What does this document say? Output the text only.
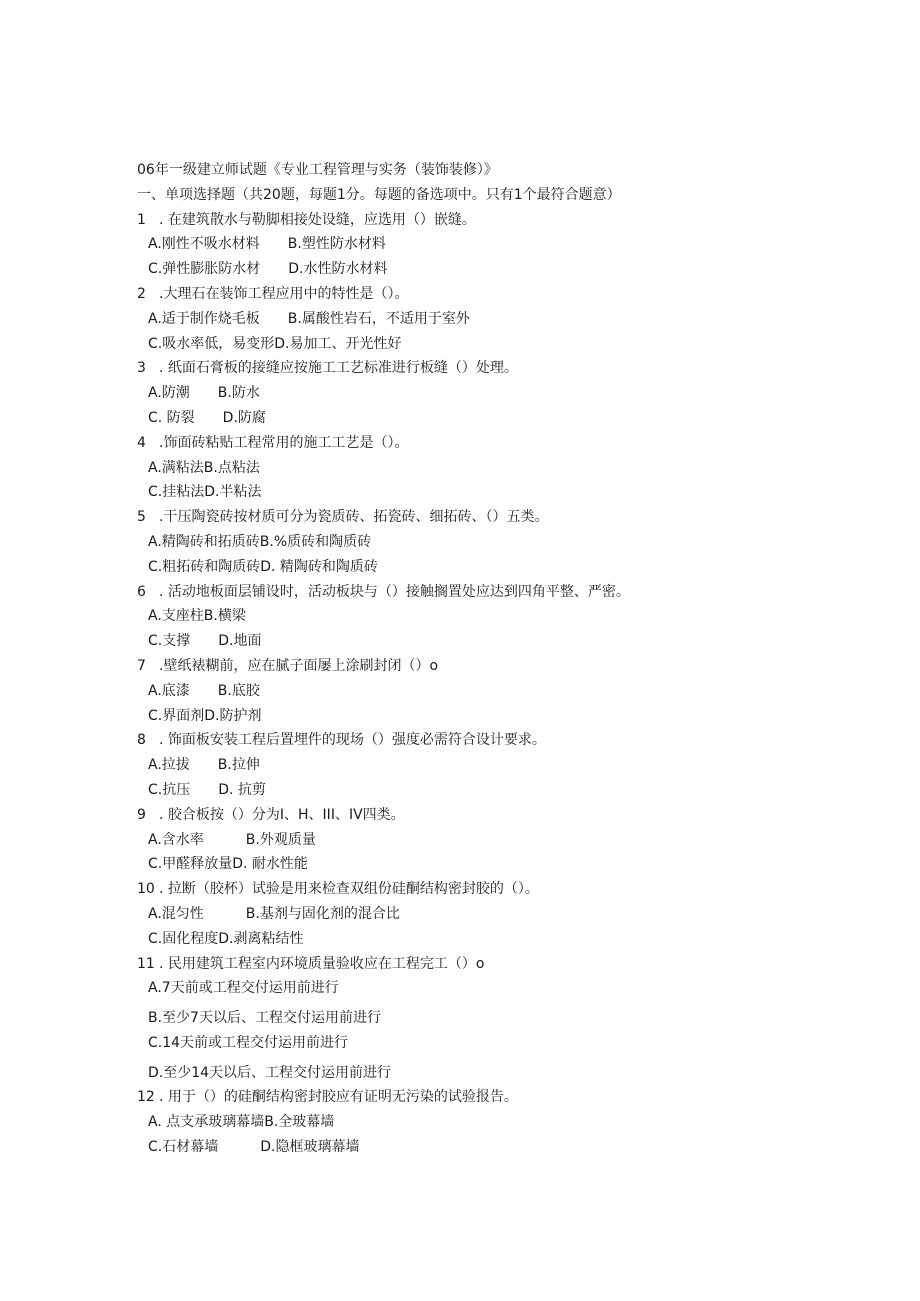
06年一级建立师试题《专业工程管理与实务（装饰装修）》
一、单项选择题（共20题，每题1分。每题的备选项中。只有1个最符合题意）
1 . 在建筑散水与勒脚相接处设缝，应选用（）嵌缝。
A.刚性不吸水材料　　B.塑性防水材料
C.弹性膨胀防水材　　D.水性防水材料
2 .大理石在装饰工程应用中的特性是（）。
A.适于制作烧毛板　　B.属酸性岩石，不适用于室外
C.吸水率低，易变形D.易加工、开光性好
3 . 纸面石膏板的接缝应按施工工艺标准进行板缝（）处理。
A.防潮　　B.防水
C. 防裂　　D.防腐
4 .饰面砖粘贴工程常用的施工工艺是（）。
A.满粘法B.点粘法
C.挂粘法D.半粘法
5 .干压陶瓷砖按材质可分为瓷质砖、拓瓷砖、细拓砖、（）五类。
A.精陶砖和拓质砖B.%质砖和陶质砖
C.粗拓砖和陶质砖D. 精陶砖和陶质砖
6 . 活动地板面层铺设时，活动板块与（）接触搁置处应达到四角平整、严密。
A.支座柱B.横梁
C.支撑　　D.地面
7 .壁纸裱糊前，应在腻子面屡上涂刷封闭（）o
A.底漆　　B.底胶
C.界面剂D.防护剂
8 . 饰面板安装工程后置埋件的现场（）强度必需符合设计要求。
A.拉拔　　B.拉伸
C.抗压　　D. 抗剪
9 . 胶合板按（）分为I、H、III、IV四类。
A.含水率　　　B.外观质量
C.甲醛释放量D. 耐水性能
10 . 拉断（胶杯）试验是用来检查双组份硅酮结构密封胶的（）。
A.混匀性　　　B.基剂与固化剂的混合比
C.固化程度D.剥离粘结性
11 . 民用建筑工程室内环境质量验收应在工程完工（）o
A.7天前或工程交付运用前进行
B.至少7天以后、工程交付运用前进行
C.14天前或工程交付运用前进行
D.至少14天以后、工程交付运用前进行
12 . 用于（）的硅酮结构密封胶应有证明无污染的试验报告。
A. 点支承玻璃幕墙B.全玻幕墙
C.石材幕墙　　　D.隐框玻璃幕墙
